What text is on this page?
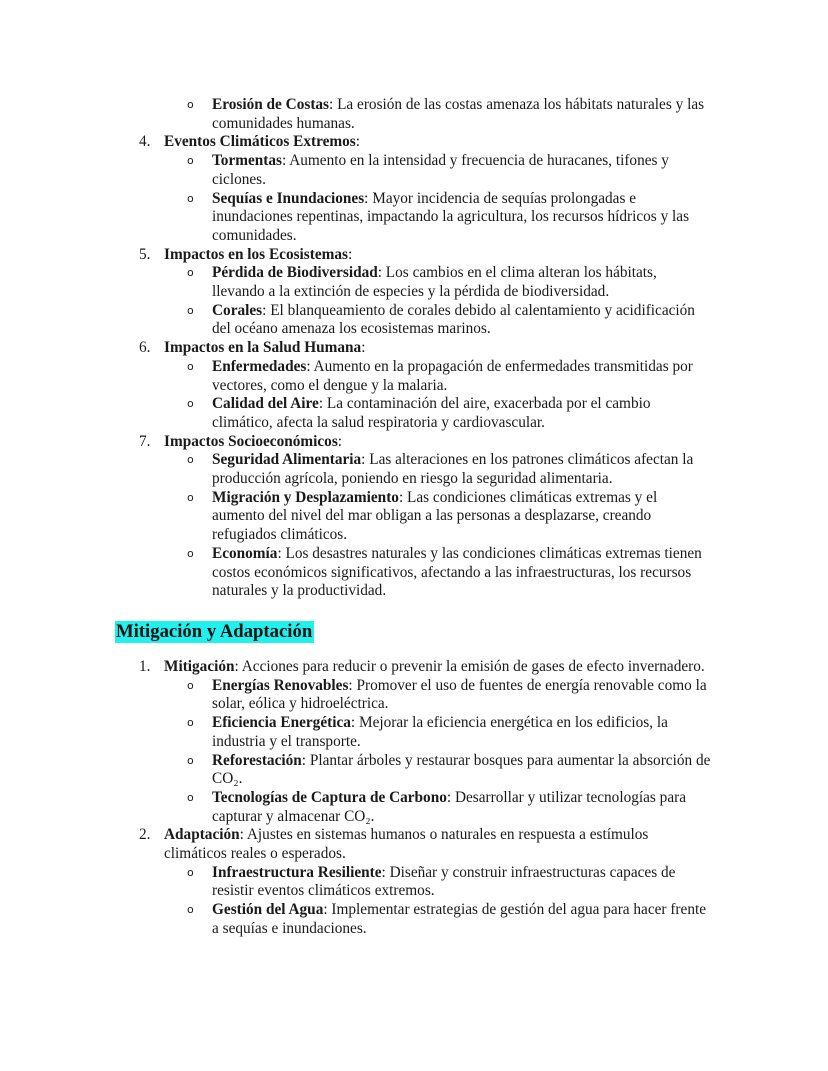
o Erosión de Costas: La erosión de las costas amenaza los hábitats naturales y las comunidades humanas.
4. Eventos Climáticos Extremos:
o Tormentas: Aumento en la intensidad y frecuencia de huracanes, tifones y ciclones.
o Sequías e Inundaciones: Mayor incidencia de sequías prolongadas e inundaciones repentinas, impactando la agricultura, los recursos hídricos y las comunidades.
5. Impactos en los Ecosistemas:
o Pérdida de Biodiversidad: Los cambios en el clima alteran los hábitats, llevando a la extinción de especies y la pérdida de biodiversidad.
o Corales: El blanqueamiento de corales debido al calentamiento y acidificación del océano amenaza los ecosistemas marinos.
6. Impactos en la Salud Humana:
o Enfermedades: Aumento en la propagación de enfermedades transmitidas por vectores, como el dengue y la malaria.
o Calidad del Aire: La contaminación del aire, exacerbada por el cambio climático, afecta la salud respiratoria y cardiovascular.
7. Impactos Socioeconómicos:
o Seguridad Alimentaria: Las alteraciones en los patrones climáticos afectan la producción agrícola, poniendo en riesgo la seguridad alimentaria.
o Migración y Desplazamiento: Las condiciones climáticas extremas y el aumento del nivel del mar obligan a las personas a desplazarse, creando refugiados climáticos.
o Economía: Los desastres naturales y las condiciones climáticas extremas tienen costos económicos significativos, afectando a las infraestructuras, los recursos naturales y la productividad.
Mitigación y Adaptación
1. Mitigación: Acciones para reducir o prevenir la emisión de gases de efecto invernadero.
o Energías Renovables: Promover el uso de fuentes de energía renovable como la solar, eólica y hidroeléctrica.
o Eficiencia Energética: Mejorar la eficiencia energética en los edificios, la industria y el transporte.
o Reforestación: Plantar árboles y restaurar bosques para aumentar la absorción de CO₂.
o Tecnologías de Captura de Carbono: Desarrollar y utilizar tecnologías para capturar y almacenar CO₂.
2. Adaptación: Ajustes en sistemas humanos o naturales en respuesta a estímulos climáticos reales o esperados.
o Infraestructura Resiliente: Diseñar y construir infraestructuras capaces de resistir eventos climáticos extremos.
o Gestión del Agua: Implementar estrategias de gestión del agua para hacer frente a sequías e inundaciones.
